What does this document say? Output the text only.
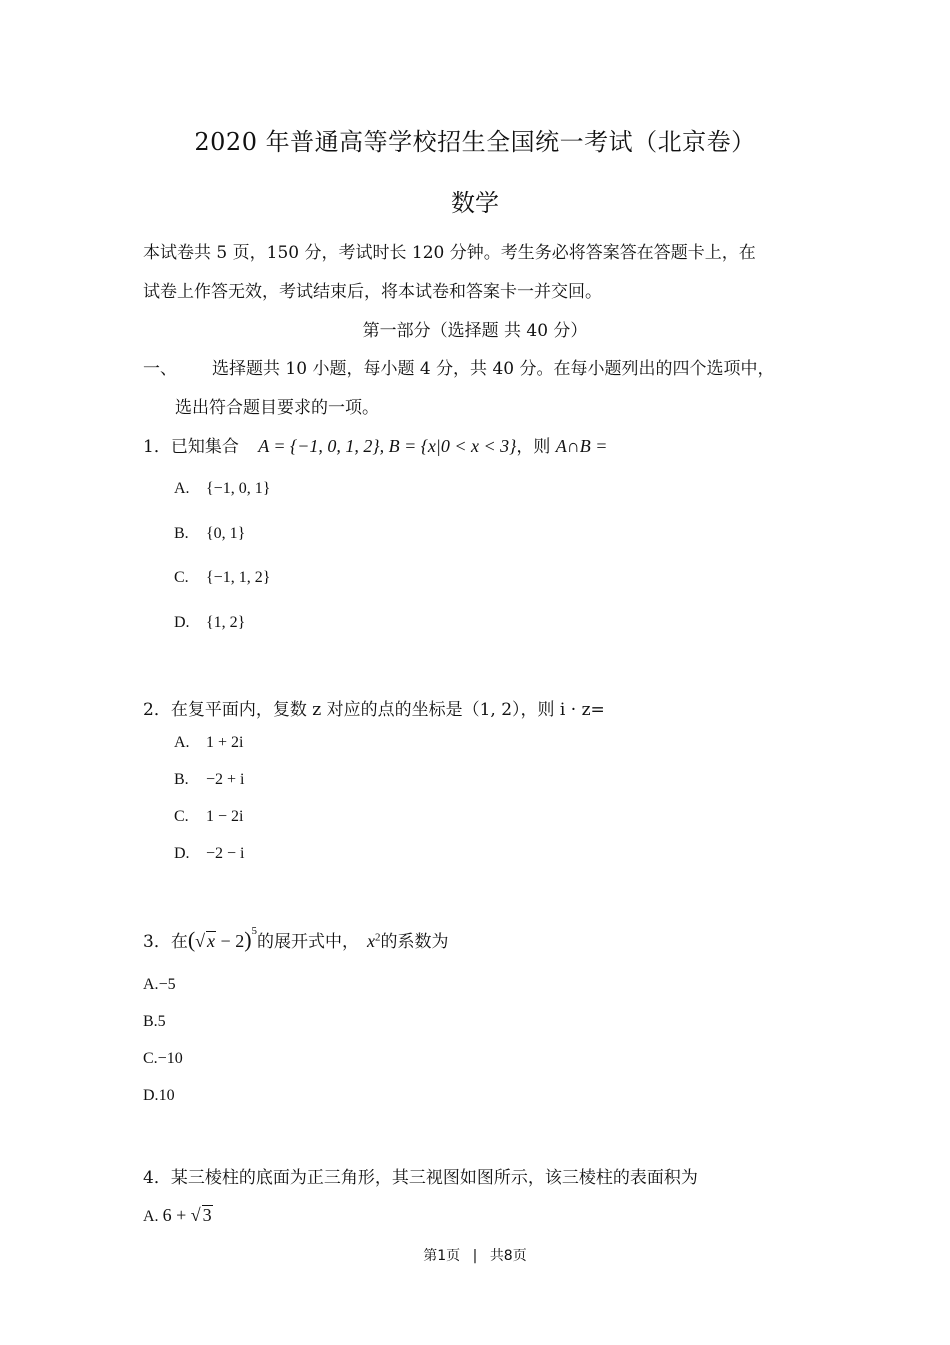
2020 年普通高等学校招生全国统一考试（北京卷）
数学
本试卷共 5 页，150 分，考试时长 120 分钟。考生务必将答案答在答题卡上，在
试卷上作答无效，考试结束后，将本试卷和答案卡一并交回。
第一部分（选择题 共 40 分）
一、 选择题共 10 小题，每小题 4 分，共 40 分。在每小题列出的四个选项中，
选出符合题目要求的一项。
1．已知集合 A = {−1, 0, 1, 2}, B = {x|0 < x < 3}，则 A∩B =
A. {−1, 0, 1}
B. {0, 1}
C. {−1, 1, 2}
D. {1, 2}
2．在复平面内，复数 z 对应的点的坐标是（1, 2），则 i · z=
A. 1 + 2i
B. −2 + i
C. 1 − 2i
D. −2 − i
3．在(√ x − 2)$^5$的展开式中， $x^2$的系数为
A.−5
B.5
C.−10
D.10
4．某三棱柱的底面为正三角形，其三视图如图所示，该三棱柱的表面积为
A. 6 + √ 3
第1页 | 共8页
